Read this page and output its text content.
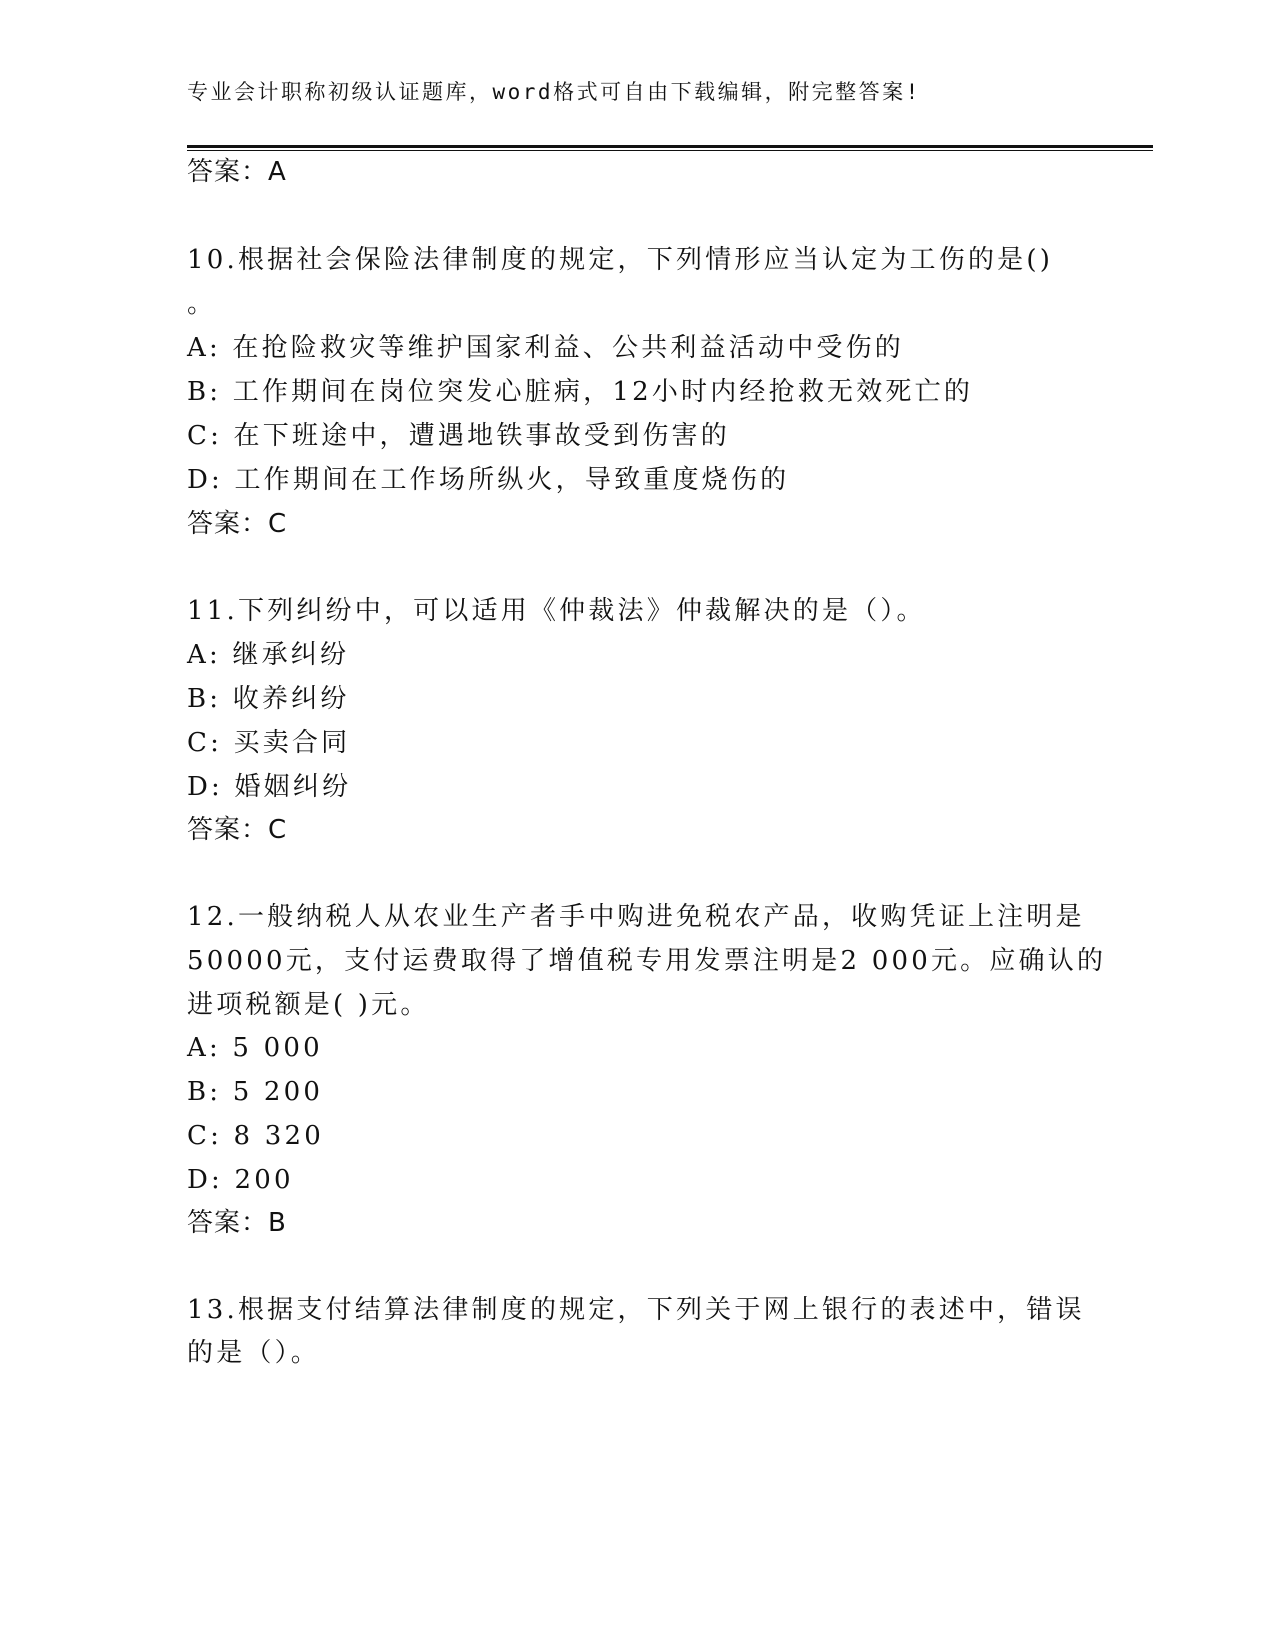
专业会计职称初级认证题库，word格式可自由下载编辑，附完整答案!
答案：A
10.根据社会保险法律制度的规定，下列情形应当认定为工伤的是()
。
A: 在抢险救灾等维护国家利益、公共利益活动中受伤的
B: 工作期间在岗位突发心脏病，12小时内经抢救无效死亡的
C: 在下班途中，遭遇地铁事故受到伤害的
D: 工作期间在工作场所纵火，导致重度烧伤的
答案：C
11.下列纠纷中，可以适用《仲裁法》仲裁解决的是（）。
A: 继承纠纷
B: 收养纠纷
C: 买卖合同
D: 婚姻纠纷
答案：C
12.一般纳税人从农业生产者手中购进免税农产品，收购凭证上注明是
50000元，支付运费取得了增值税专用发票注明是2 000元。应确认的
进项税额是( )元。
A: 5 000
B: 5 200
C: 8 320
D: 200
答案：B
13.根据支付结算法律制度的规定，下列关于网上银行的表述中，错误
的是（）。
